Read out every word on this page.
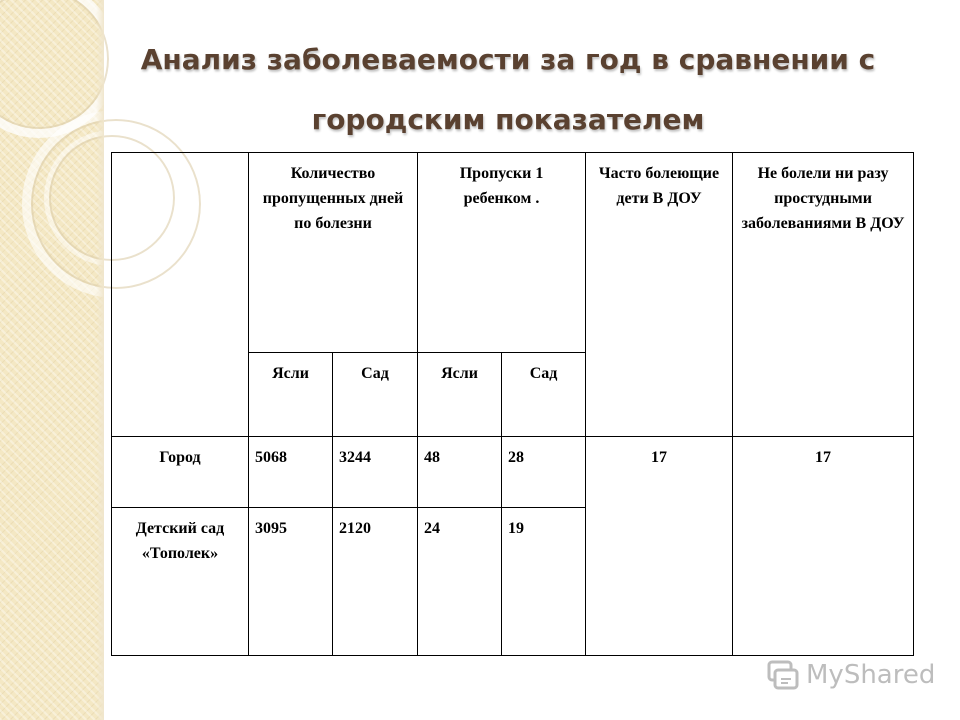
Анализ заболеваемости за год в сравнении с
городским показателем
	Количество пропущенных дней по болезни		Пропуски 1 ребенком .		Часто болеющие дети В ДОУ	Не болели ни разу простудными заболеваниями В ДОУ
	Ясли	Сад	Ясли	Сад		
Город	5068	3244	48	28	17	17
Детский сад «Тополек»	3095	2120	24	19		
MyShared
